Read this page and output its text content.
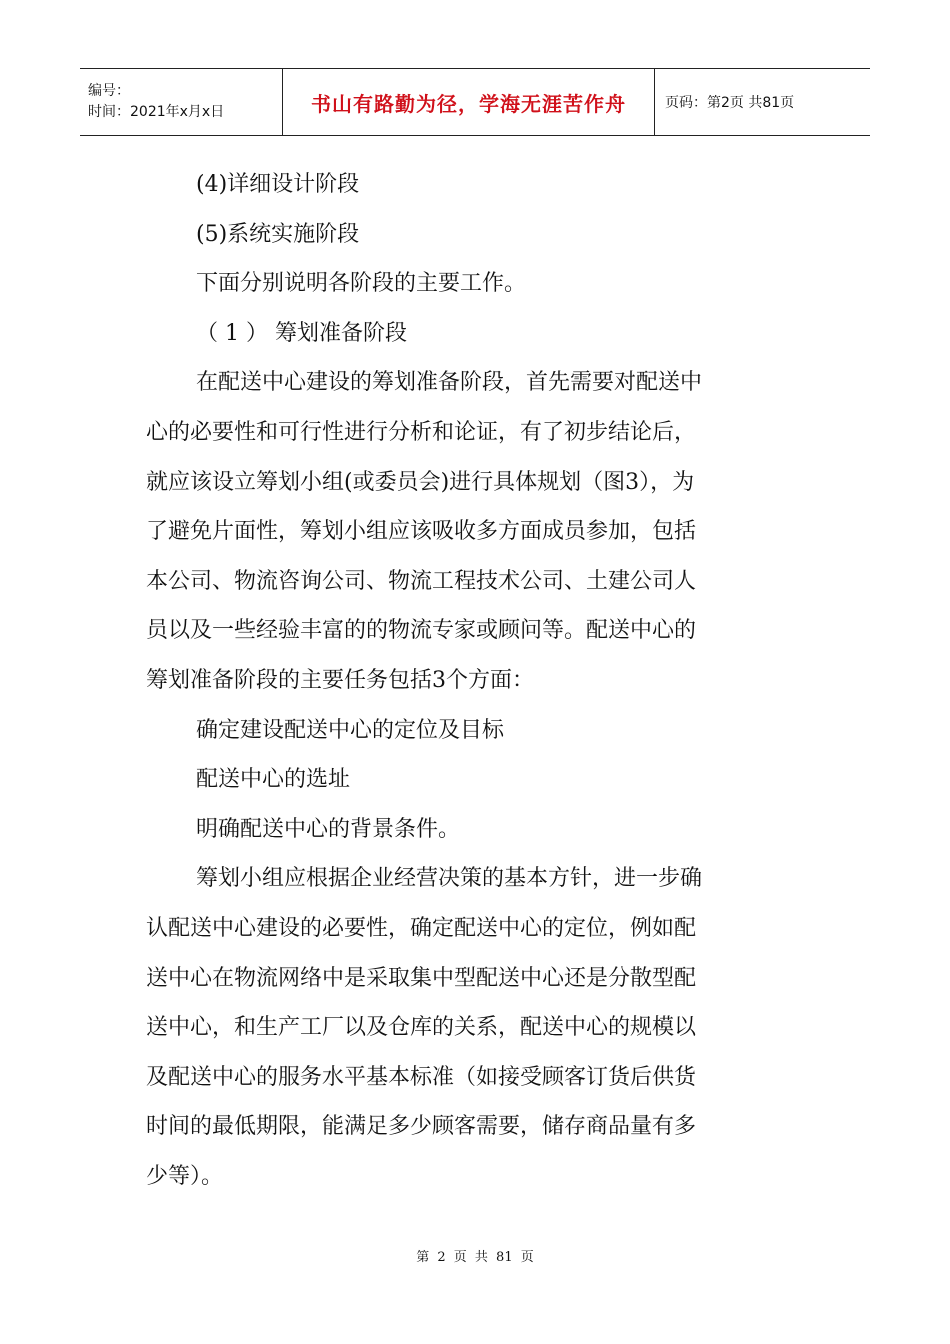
编号：
时间：2021年x月x日	书山有路勤为径，学海无涯苦作舟	页码：第2页 共81页
(4)详细设计阶段
(5)系统实施阶段
下面分别说明各阶段的主要工作。
（ 1 ） 筹划准备阶段
在配送中心建设的筹划准备阶段，首先需要对配送中
心的必要性和可行性进行分析和论证，有了初步结论后，
就应该设立筹划小组(或委员会)进行具体规划（图3），为
了避免片面性，筹划小组应该吸收多方面成员参加，包括
本公司、物流咨询公司、物流工程技术公司、土建公司人
员以及一些经验丰富的的物流专家或顾问等。配送中心的
筹划准备阶段的主要任务包括3个方面：
确定建设配送中心的定位及目标
配送中心的选址
明确配送中心的背景条件。
筹划小组应根据企业经营决策的基本方针，进一步确
认配送中心建设的必要性，确定配送中心的定位，例如配
送中心在物流网络中是采取集中型配送中心还是分散型配
送中心，和生产工厂以及仓库的关系，配送中心的规模以
及配送中心的服务水平基本标准（如接受顾客订货后供货
时间的最低期限，能满足多少顾客需要，储存商品量有多
少等）。
第 2 页 共 81 页
